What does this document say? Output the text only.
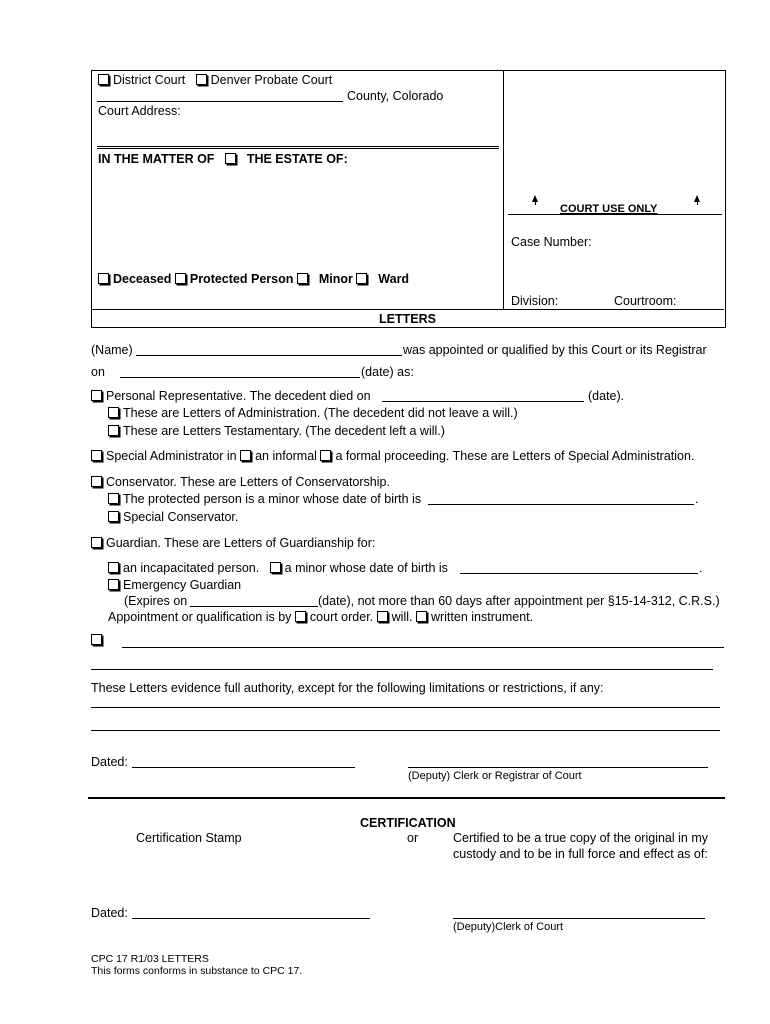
District Court Denver Probate Court
County, Colorado
Court Address:
IN THE MATTER OF	THE ESTATE OF:
Deceased Protected Person Minor Ward
COURT USE ONLY
Case Number:
Division:	Courtroom:
LETTERS
(Name)	was appointed or qualified by this Court or its Registrar
on	(date) as:
Personal Representative. The decedent died on	(date).
These are Letters of Administration. (The decedent did not leave a will.)
These are Letters Testamentary. (The decedent left a will.)
Special Administrator in an informal a formal proceeding. These are Letters of Special Administration.
Conservator. These are Letters of Conservatorship.
The protected person is a minor whose date of birth is	.
Special Conservator.
Guardian. These are Letters of Guardianship for:
an incapacitated person. a minor whose date of birth is	.
Emergency Guardian
(Expires on	(date), not more than 60 days after appointment per §15-14-312, C.R.S.)
Appointment or qualification is by court order. will. written instrument.
These Letters evidence full authority, except for the following limitations or restrictions, if any:
Dated:
(Deputy) Clerk or Registrar of Court
CERTIFICATION
Certification Stamp	or	Certified to be a true copy of the original in my
custody and to be in full force and effect as of:
Dated:
(Deputy)Clerk of Court
CPC 17 R1/03 LETTERS
This forms conforms in substance to CPC 17.
